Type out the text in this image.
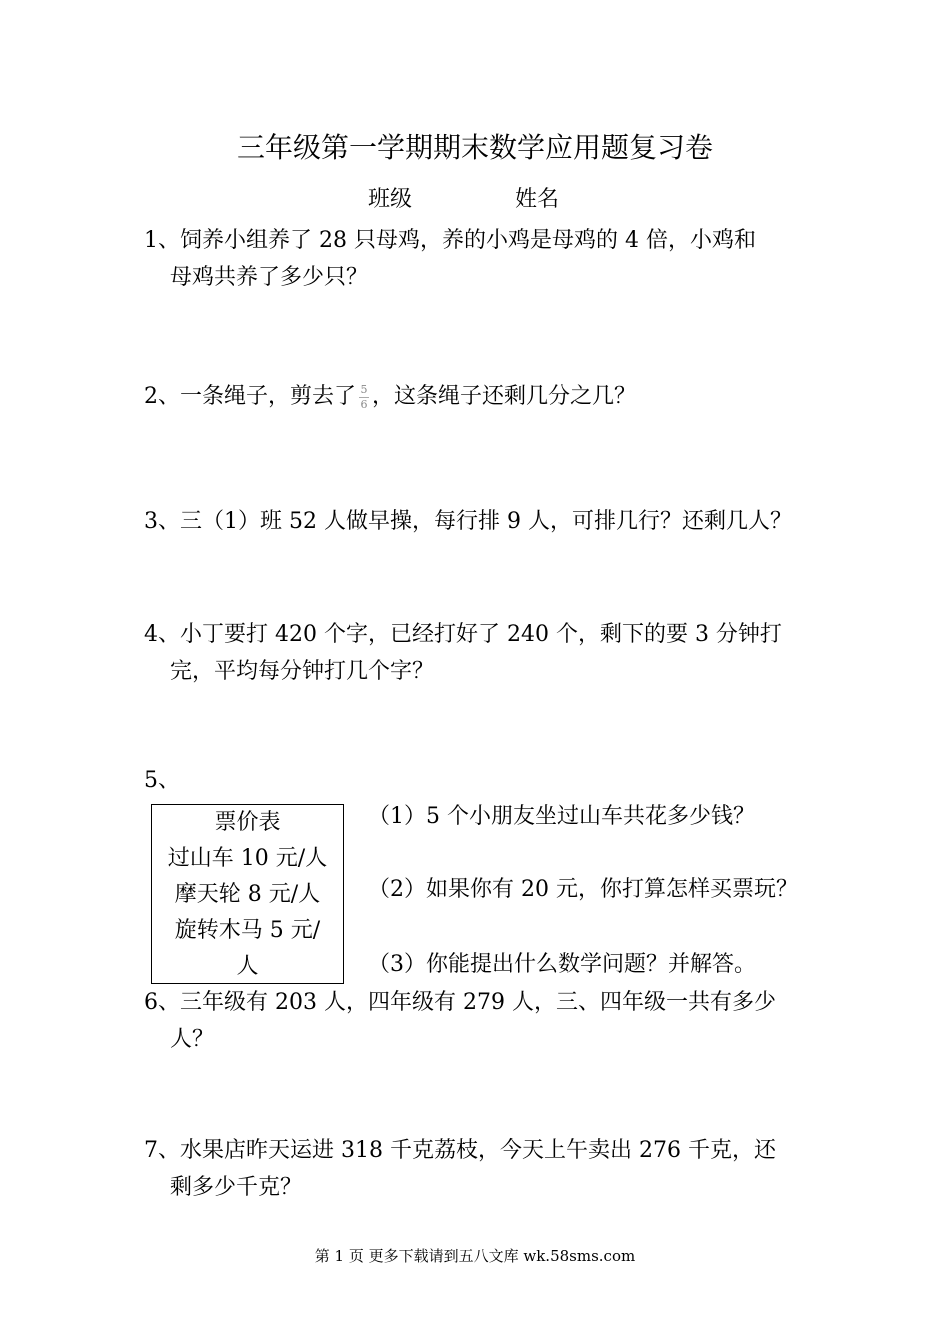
三年级第一学期期末数学应用题复习卷
班级	姓名
1、饲养小组养了 28 只母鸡，养的小鸡是母鸡的 4 倍，小鸡和
母鸡共养了多少只？
2、一条绳子，剪去了 $\frac{5}{6}$ ，这条绳子还剩几分之几？
3、三（1）班 52 人做早操，每行排 9 人，可排几行？还剩几人？
4、小丁要打 420 个字，已经打好了 240 个，剩下的要 3 分钟打
完，平均每分钟打几个字？
5、
票价表
过山车 10 元/人
摩天轮 8 元/人
旋转木马 5 元/
人
（1）5 个小朋友坐过山车共花多少钱？
（2）如果你有 20 元，你打算怎样买票玩？
（3）你能提出什么数学问题？并解答。
6、三年级有 203 人，四年级有 279 人，三、四年级一共有多少
人？
7、水果店昨天运进 318 千克荔枝，今天上午卖出 276 千克，还
剩多少千克？
第 1 页 更多下载请到五八文库 wk.58sms.com
